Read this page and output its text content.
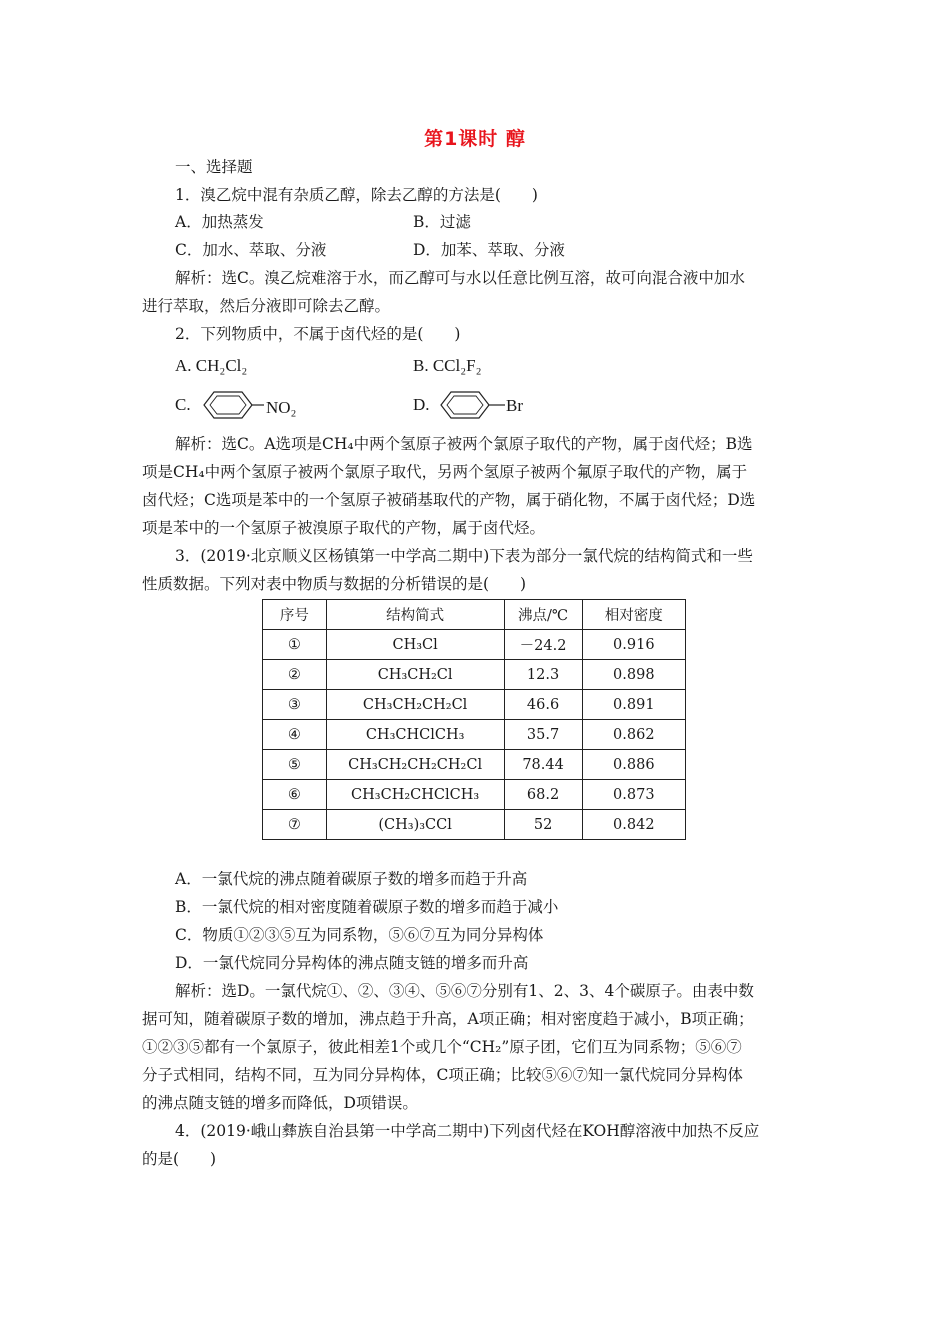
第1课时 醇
一、选择题
1．溴乙烷中混有杂质乙醇，除去乙醇的方法是(　　)
A．加热蒸发	B．过滤
C．加水、萃取、分液	D．加苯、萃取、分液
解析：选C。溴乙烷难溶于水，而乙醇可与水以任意比例互溶，故可向混合液中加水
进行萃取，然后分液即可除去乙醇。
2．下列物质中，不属于卤代烃的是(　　)
A. CH₂Cl₂	B. CCl₂F₂
C.	NO₂	D.	Br
解析：选C。A选项是CH₄中两个氢原子被两个氯原子取代的产物，属于卤代烃；B选
项是CH₄中两个氢原子被两个氯原子取代，另两个氢原子被两个氟原子取代的产物，属于
卤代烃；C选项是苯中的一个氢原子被硝基取代的产物，属于硝化物，不属于卤代烃；D选
项是苯中的一个氢原子被溴原子取代的产物，属于卤代烃。
3．(2019·北京顺义区杨镇第一中学高二期中)下表为部分一氯代烷的结构简式和一些
性质数据。下列对表中物质与数据的分析错误的是(　　)
序号	结构简式	沸点/℃	相对密度
①	CH₃Cl	－24.2	0.916
②	CH₃CH₂Cl	12.3	0.898
③	CH₃CH₂CH₂Cl	46.6	0.891
④	CH₃CHClCH₃	35.7	0.862
⑤	CH₃CH₂CH₂CH₂Cl	78.44	0.886
⑥	CH₃CH₂CHClCH₃	68.2	0.873
⑦	(CH₃)₃CCl	52	0.842
A．一氯代烷的沸点随着碳原子数的增多而趋于升高
B．一氯代烷的相对密度随着碳原子数的增多而趋于减小
C．物质①②③⑤互为同系物，⑤⑥⑦互为同分异构体
D．一氯代烷同分异构体的沸点随支链的增多而升高
解析：选D。一氯代烷①、②、③④、⑤⑥⑦分别有1、2、3、4个碳原子。由表中数
据可知，随着碳原子数的增加，沸点趋于升高，A项正确；相对密度趋于减小，B项正确；
①②③⑤都有一个氯原子，彼此相差1个或几个“CH₂”原子团，它们互为同系物；⑤⑥⑦
分子式相同，结构不同，互为同分异构体，C项正确；比较⑤⑥⑦知一氯代烷同分异构体
的沸点随支链的增多而降低，D项错误。
4．(2019·峨山彝族自治县第一中学高二期中)下列卤代烃在KOH醇溶液中加热不反应
的是(　　)
